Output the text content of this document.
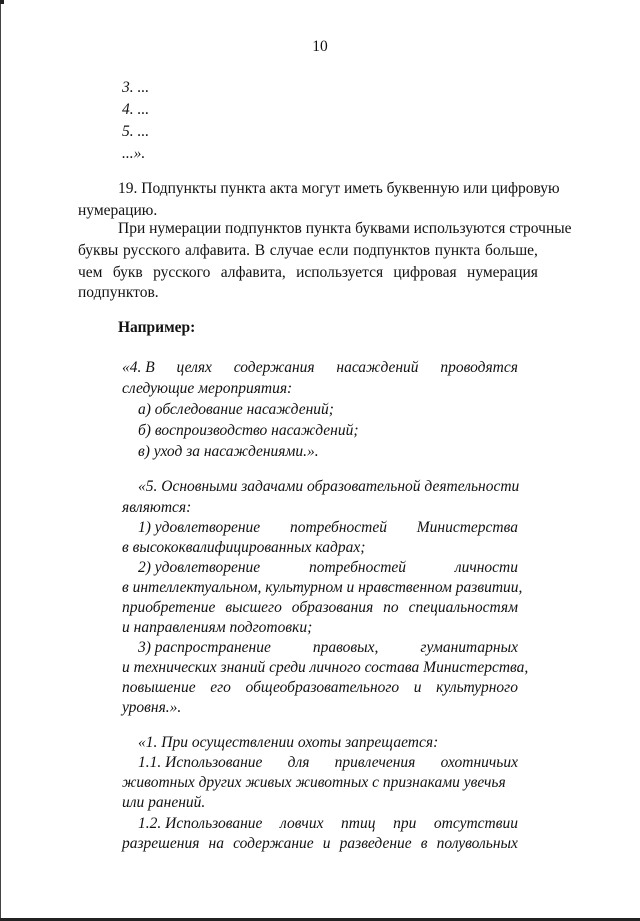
10
3. ...
4. ...
5. ...
...».
19. Подпункты пункта акта могут иметь буквенную или цифровую
нумерацию.
При нумерации подпунктов пункта буквами используются строчные
буквы русского алфавита. В случае если подпунктов пункта больше,
чем букв русского алфавита, используется цифровая нумерация
подпунктов.
Например:
«4. В целях содержания насаждений проводятся
следующие мероприятия:
а) обследование насаждений;
б) воспроизводство насаждений;
в) уход за насаждениями.».
«5. Основными задачами образовательной деятельности
являются:
1) удовлетворение потребностей Министерства
в высококвалифицированных кадрах;
2) удовлетворение	потребностей	личности
в интеллектуальном, культурном и нравственном развитии,
приобретение высшего образования по специальностям
и направлениям подготовки;
3) распространение	правовых,	гуманитарных
и технических знаний среди личного состава Министерства,
повышение его общеобразовательного и культурного
уровня.».
«1. При осуществлении охоты запрещается:
1.1. Использование для привлечения охотничьих
животных других живых животных с признаками увечья
или ранений.
1.2. Использование ловчих птиц при отсутствии
разрешения на содержание и разведение в полувольных
